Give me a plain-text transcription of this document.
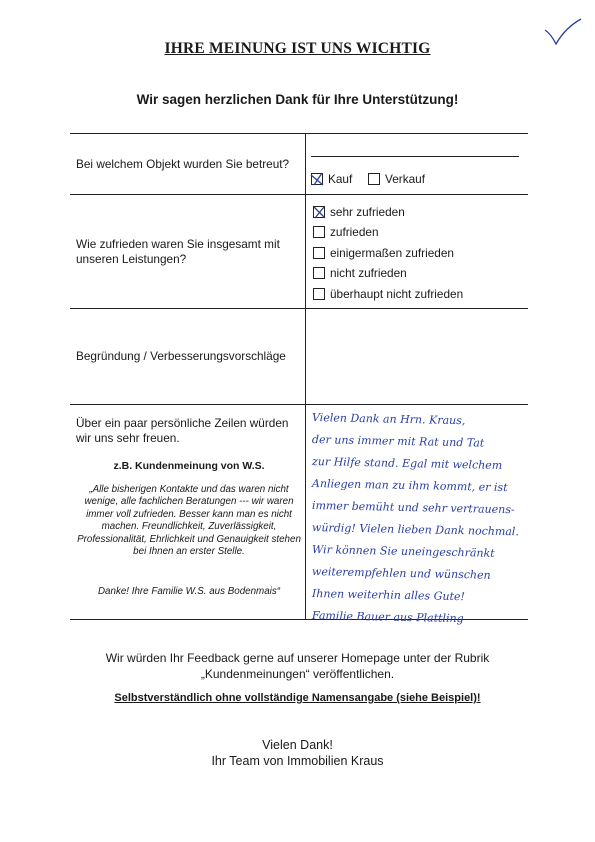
IHRE MEINUNG IST UNS WICHTIG
Wir sagen herzlichen Dank für Ihre Unterstützung!
Bei welchem Objekt wurden Sie betreut?
Kauf	Verkauf
Wie zufrieden waren Sie insgesamt mit unseren Leistungen?
sehr zufrieden
zufrieden
einigermaßen zufrieden
nicht zufrieden
überhaupt nicht zufrieden
Begründung / Verbesserungsvorschläge
Über ein paar persönliche Zeilen würden wir uns sehr freuen.
z.B. Kundenmeinung von W.S.
„Alle bisherigen Kontakte und das waren nicht wenige, alle fachlichen Beratungen --- wir waren immer voll zufrieden. Besser kann man es nicht machen. Freundlichkeit, Zuverlässigkeit, Professionalität, Ehrlichkeit und Genauigkeit stehen bei Ihnen an erster Stelle.
Danke! Ihre Familie W.S. aus Bodenmais“
Vielen Dank an Hrn. Kraus,
der uns immer mit Rat und Tat
zur Hilfe stand. Egal mit welchem
Anliegen man zu ihm kommt, er ist
immer bemüht und sehr vertrauens-
würdig! Vielen lieben Dank nochmal.
Wir können Sie uneingeschränkt
weiterempfehlen und wünschen
Ihnen weiterhin alles Gute!
Familie Bauer aus Plattling
Wir würden Ihr Feedback gerne auf unserer Homepage unter der Rubrik
„Kundenmeinungen“ veröffentlichen.
Selbstverständlich ohne vollständige Namensangabe (siehe Beispiel)!
Vielen Dank!
Ihr Team von Immobilien Kraus
